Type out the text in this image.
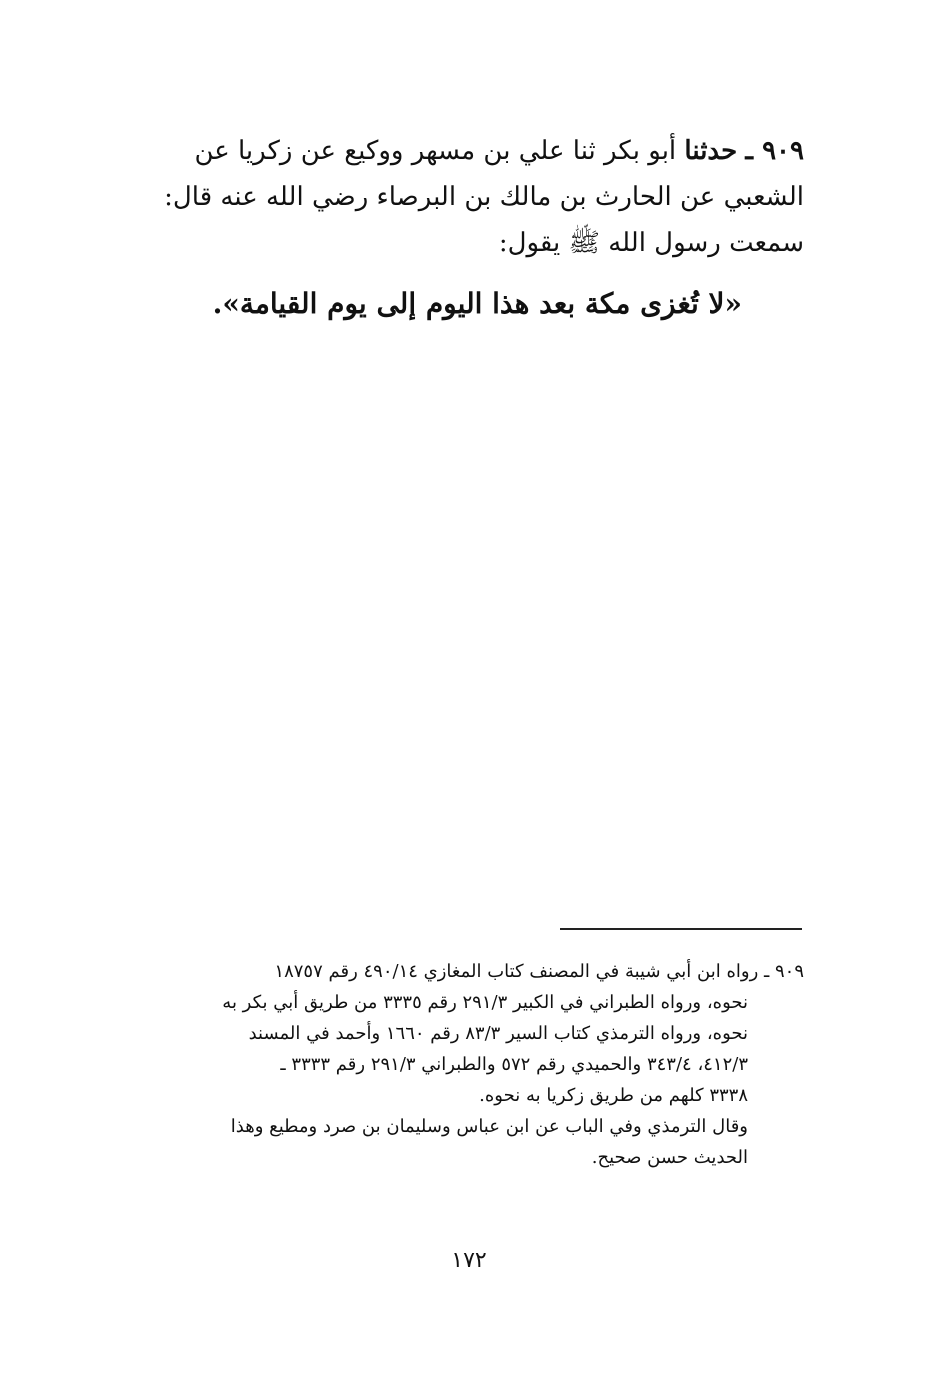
٩٠٩ ـ حدثنا أبو بكر ثنا علي بن مسهر ووكيع عن زكريا عن

الشعبي عن الحارث بن مالك بن البرصاء رضي الله عنه قال:

سمعت رسول الله ﷺ يقول:

«لا تُغزى مكة بعد هذا اليوم إلى يوم القيامة».

٩٠٩ ـ رواه ابن أبي شيبة في المصنف كتاب المغازي ٤٩٠/١٤ رقم ١٨٧٥٧

نحوه، ورواه الطبراني في الكبير ٢٩١/٣ رقم ٣٣٣٥ من طريق أبي بكر به

نحوه، ورواه الترمذي كتاب السير ٨٣/٣ رقم ١٦٦٠ وأحمد في المسند

٤١٢/٣، ٣٤٣/٤ والحميدي رقم ٥٧٢ والطبراني ٢٩١/٣ رقم ٣٣٣٣ ـ

٣٣٣٨ كلهم من طريق زكريا به نحوه.

وقال الترمذي وفي الباب عن ابن عباس وسليمان بن صرد ومطيع وهذا

الحديث حسن صحيح.

١٧٢
